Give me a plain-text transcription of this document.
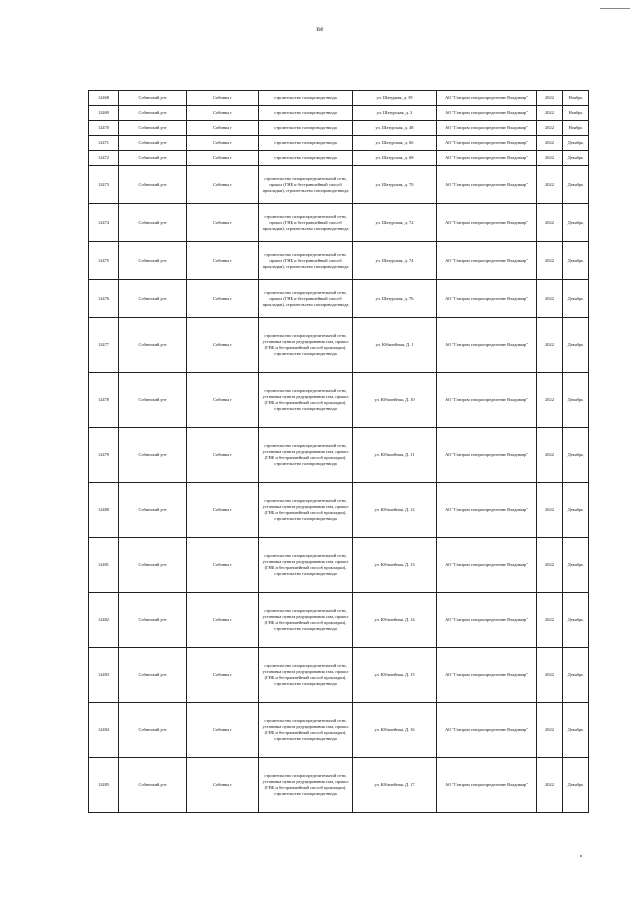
ne
12468	Собинский р-н	Собинка г	строительство газопровода-ввода	ул. Шатуркая, д. 39	АО "Газпром газораспределение Владимир"	2022	Ноябрь
12469	Собинский р-н	Собинка г	строительство газопровода-ввода	ул. Шатурская, д. 3	АО "Газпром газораспределение Владимир"	2022	Ноябрь
12470	Собинский р-н	Собинка г	строительство газопровода-ввода	ул. Шатурская, д. 48	АО "Газпром газораспределение Владимир"	2022	Ноябрь
12471	Собинский р-н	Собинка г	строительство газопровода-ввода	ул. Шатурская, д. 66	АО "Газпром газораспределение Владимир"	2022	Декабрь
12472	Собинский р-н	Собинка г	строительство газопровода-ввода	ул. Шатурская, д. 68	АО "Газпром газораспределение Владимир"	2022	Декабрь
12473	Собинский р-н	Собинка г	строительство газораспределительной сети, прокол (ГНБ и бестраншейный способ прокладки), строительство газопровода-ввода	ул. Шатурская, д. 70	АО "Газпром газораспределение Владимир"	2022	Декабрь
12474	Собинский р-н	Собинка г	строительство газораспределительной сети, прокол (ГНБ и бестраншейный способ прокладки), строительство газопровода-ввода	ул. Шатурская, д. 72	АО "Газпром газораспределение Владимир"	2022	Декабрь
12475	Собинский р-н	Собинка г	строительство газораспределительной сети, прокол (ГНБ и бестраншейный способ прокладки), строительство газопровода-ввода	ул. Шатурская, д. 74	АО "Газпром газораспределение Владимир"	2022	Декабрь
12476	Собинский р-н	Собинка г	строительство газораспределительной сети, прокол (ГНБ и бестраншейный способ прокладки), строительство газопровода-ввода	ул. Шатурская, д. 76	АО "Газпром газораспределение Владимир"	2022	Декабрь
12477	Собинский р-н	Собинка г	строительство газораспределительной сети, установка пункта редуцирования газа, прокол (ГНБ и бестраншейный способ прокладки), строительство газопровода-ввода	ул. Юбилейная, Д. 1	АО "Газпром газораспределение Владимир"	2022	Декабрь
12478	Собинский р-н	Собинка г	строительство газораспределительной сети, установка пункта редуцирования газа, прокол (ГНБ и бестраншейный способ прокладки), строительство газопровода-ввода	ул. Юбилейная, Д. 10	АО "Газпром газораспределение Владимир"	2022	Декабрь
12479	Собинский р-н	Собинка г	строительство газораспределительной сети, установка пункта редуцирования газа, прокол (ГНБ и бестраншейный способ прокладки), строительство газопровода-ввода	ул. Юбилейная, Д. 11	АО "Газпром газораспределение Владимир"	2022	Декабрь
12480	Собинский р-н	Собинка г	строительство газораспределительной сети, установка пункта редуцирования газа, прокол (ГНБ и бестраншейный способ прокладки), строительство газопровода-ввода	ул. Юбилейная, Д. 12	АО "Газпром газораспределение Владимир"	2022	Декабрь
12481	Собинский р-н	Собинка г	строительство газораспределительной сети, установка пункта редуцирования газа, прокол (ГНБ и бестраншейный способ прокладки), строительство газопровода-ввода	ул. Юбилейная, Д. 13	АО "Газпром газораспределение Владимир"	2022	Декабрь
12482	Собинский р-н	Собинка г	строительство газораспределительной сети, установка пункта редуцирования газа, прокол (ГНБ и бестраншейный способ прокладки), строительство газопровода-ввода	ул. Юбилейная, Д. 14	АО "Газпром газораспределение Владимир"	2022	Декабрь
12483	Собинский р-н	Собинка г	строительство газораспределительной сети, установка пункта редуцирования газа, прокол (ГНБ и бестраншейный способ прокладки), строительство газопровода-ввода	ул. Юбилейная, Д. 15	АО "Газпром газораспределение Владимир"	2022	Декабрь
12484	Собинский р-н	Собинка г	строительство газораспределительной сети, установка пункта редуцирования газа, прокол (ГНБ и бестраншейный способ прокладки), строительство газопровода-ввода	ул. Юбилейная, Д. 16	АО "Газпром газораспределение Владимир"	2022	Декабрь
12485	Собинский р-н	Собинка г	строительство газораспределительной сети, установка пункта редуцирования газа, прокол (ГНБ и бестраншейный способ прокладки), строительство газопровода-ввода	ул. Юбилейная, Д. 17	АО "Газпром газораспределение Владимир"	2022	Декабрь
